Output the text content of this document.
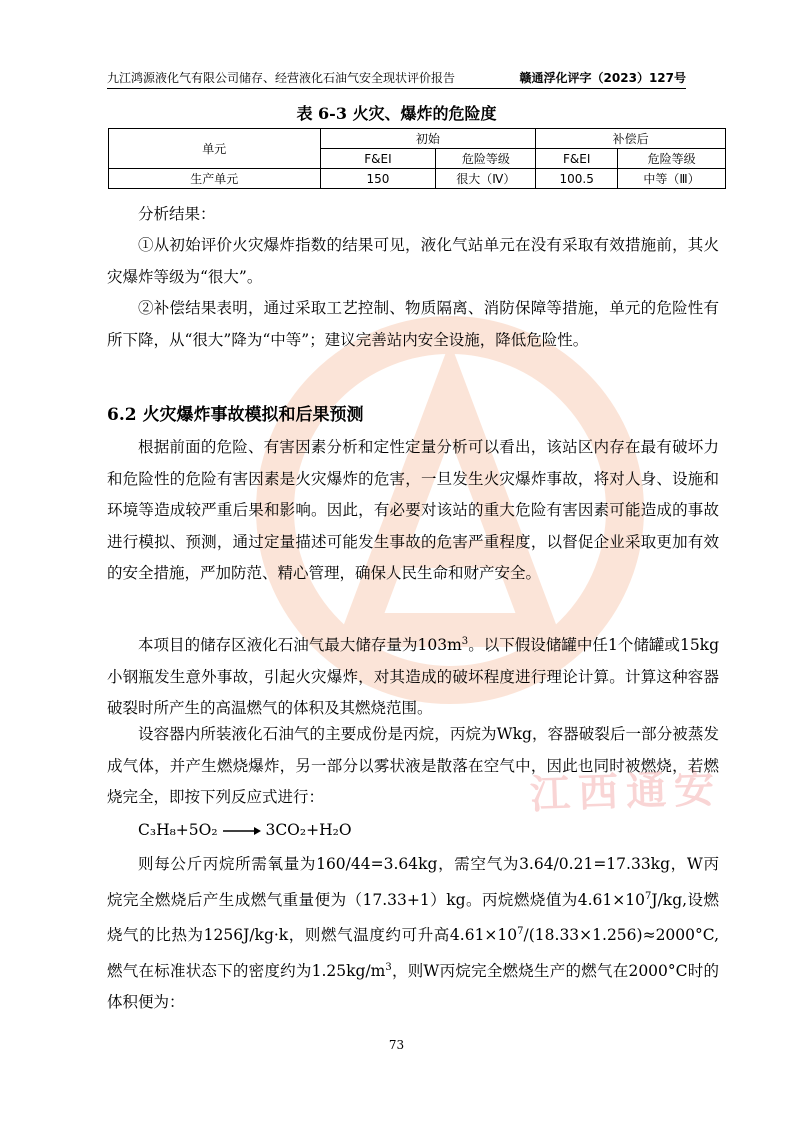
江西通安
九江鸿源液化气有限公司储存、经营液化石油气安全现状评价报告	赣通浮化评字（2023）127号
表 6-3 火灾、爆炸的危险度
单元	初始		补偿后	
	F&EI	危险等级	F&EI	危险等级
生产单元	150	很大（Ⅳ）	100.5	中等（Ⅲ）
分析结果：
①从初始评价火灾爆炸指数的结果可见，液化气站单元在没有采取有效措施前，其火灾爆炸等级为“很大”。
②补偿结果表明，通过采取工艺控制、物质隔离、消防保障等措施，单元的危险性有所下降，从“很大”降为“中等”；建议完善站内安全设施，降低危险性。
6.2 火灾爆炸事故模拟和后果预测
根据前面的危险、有害因素分析和定性定量分析可以看出，该站区内存在最有破坏力和危险性的危险有害因素是火灾爆炸的危害，一旦发生火灾爆炸事故，将对人身、设施和环境等造成较严重后果和影响。因此，有必要对该站的重大危险有害因素可能造成的事故进行模拟、预测，通过定量描述可能发生事故的危害严重程度，以督促企业采取更加有效的安全措施，严加防范、精心管理，确保人民生命和财产安全。
本项目的储存区液化石油气最大储存量为$103m^3$。以下假设储罐中任1个储罐或15kg小钢瓶发生意外事故，引起火灾爆炸，对其造成的破坏程度进行理论计算。计算这种容器破裂时所产生的高温燃气的体积及其燃烧范围。
设容器内所装液化石油气的主要成份是丙烷，丙烷为Wkg，容器破裂后一部分被蒸发成气体，并产生燃烧爆炸，另一部分以雾状液是散落在空气中，因此也同时被燃烧，若燃烧完全，即按下列反应式进行：
C₃H₈+5O₂	3CO₂+H₂O
则每公斤丙烷所需氧量为160/44=3.64kg，需空气为3.64/0.21=17.33kg，W丙烷完全燃烧后产生成燃气重量便为（17.33+1）kg。丙烷燃烧值为$4.61\times 10^7J/kg$,设燃烧气的比热为1256J/kg·k，则燃气温度约可升高$4.61\times 10^7/(18.33\times 1.256)\approx 2000^\circ C$,燃气在标准状态下的密度约为$1.25kg/m^3$，则W丙烷完全燃烧生产的燃气在2000°C时的体积便为：
73
